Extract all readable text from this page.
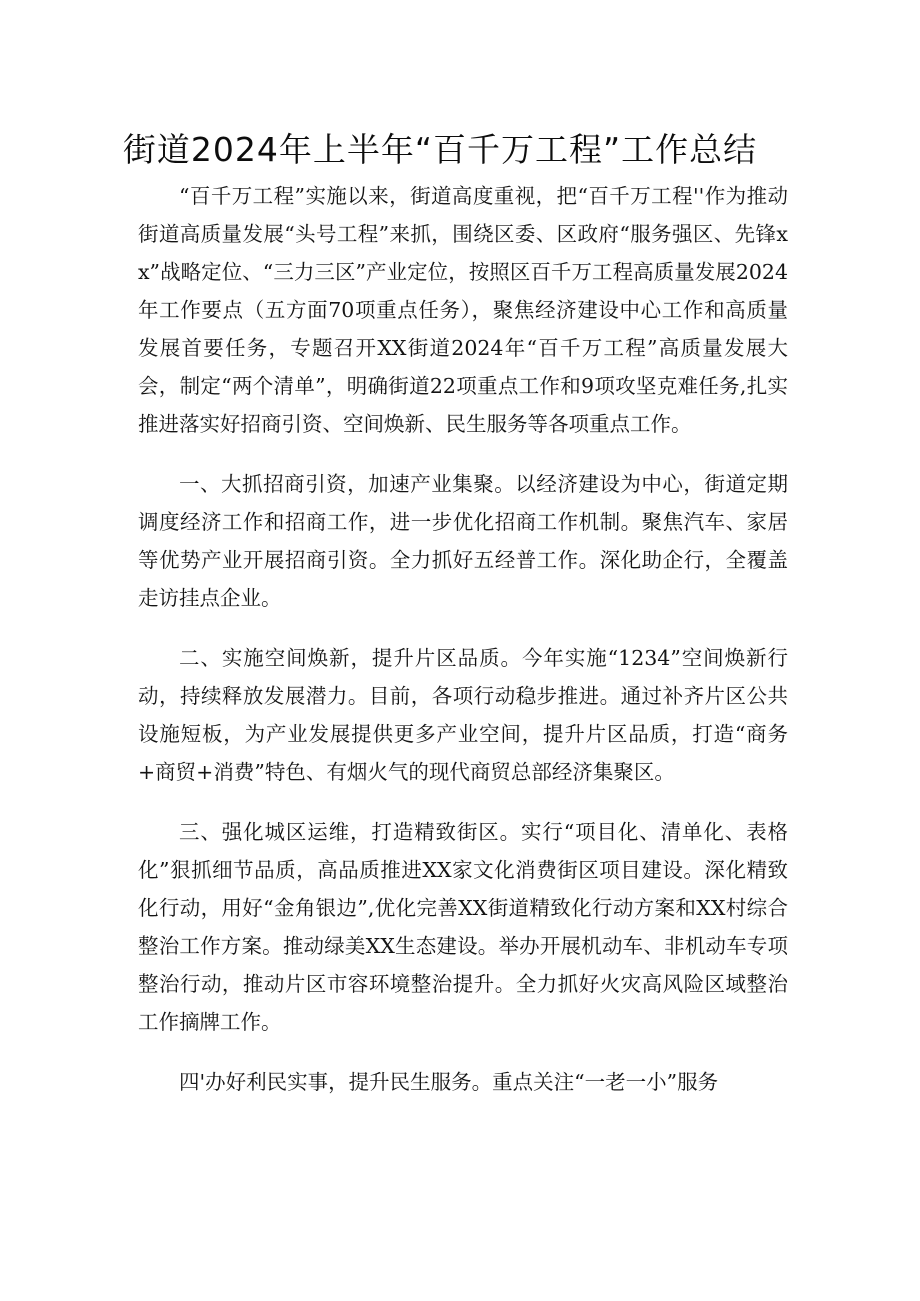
街道2024年上半年“百千万工程”工作总结

“百千万工程”实施以来，街道高度重视，把“百千万工程''作为推动街道高质量发展“头号工程”来抓，围绕区委、区政府“服务强区、先锋xx”战略定位、“三力三区”产业定位，按照区百千万工程高质量发展2024年工作要点（五方面70项重点任务），聚焦经济建设中心工作和高质量发展首要任务，专题召开XX街道2024年“百千万工程”高质量发展大会，制定“两个清单”，明确街道22项重点工作和9项攻坚克难任务,扎实推进落实好招商引资、空间焕新、民生服务等各项重点工作。

一、大抓招商引资，加速产业集聚。以经济建设为中心，街道定期调度经济工作和招商工作，进一步优化招商工作机制。聚焦汽车、家居等优势产业开展招商引资。全力抓好五经普工作。深化助企行，全覆盖走访挂点企业。

二、实施空间焕新，提升片区品质。今年实施“1234”空间焕新行动，持续释放发展潜力。目前，各项行动稳步推进。通过补齐片区公共设施短板，为产业发展提供更多产业空间，提升片区品质，打造“商务+商贸+消费”特色、有烟火气的现代商贸总部经济集聚区。

三、强化城区运维，打造精致街区。实行“项目化、清单化、表格化”狠抓细节品质，高品质推进XX家文化消费街区项目建设。深化精致化行动，用好“金角银边”,优化完善XX街道精致化行动方案和XX村综合整治工作方案。推动绿美XX生态建设。举办开展机动车、非机动车专项整治行动，推动片区市容环境整治提升。全力抓好火灾高风险区域整治工作摘牌工作。

四'办好利民实事，提升民生服务。重点关注“一老一小”服务
